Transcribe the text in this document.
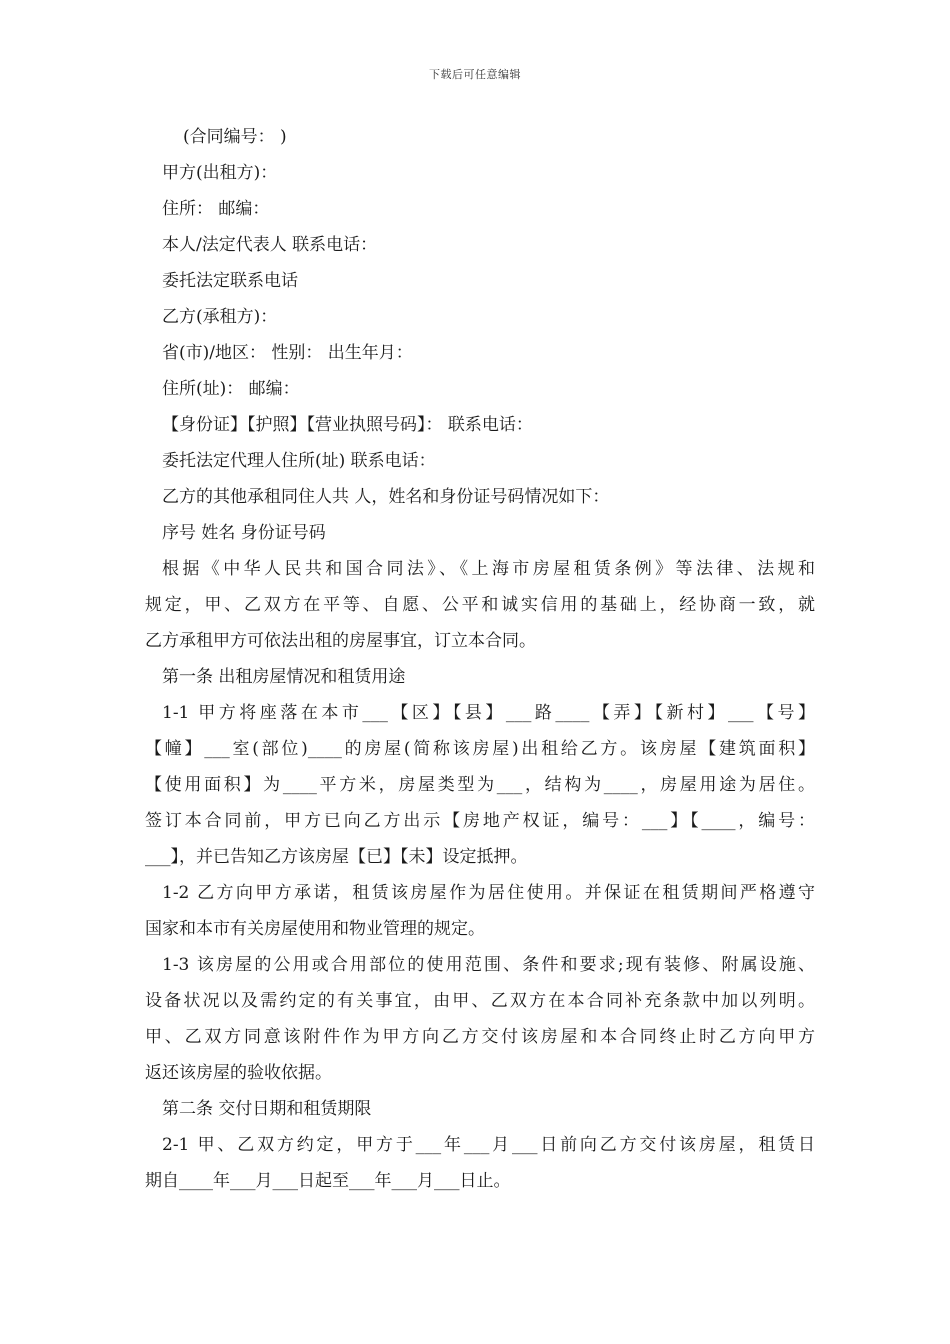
下载后可任意编辑
(合同编号： )
甲方(出租方)：
住所： 邮编：
本人/法定代表人 联系电话：
委托法定联系电话
乙方(承租方)：
省(市)/地区： 性别： 出生年月：
住所(址)： 邮编：
【身份证】【护照】【营业执照号码】： 联系电话：
委托法定代理人住所(址) 联系电话：
乙方的其他承租同住人共 人，姓名和身份证号码情况如下：
序号 姓名 身份证号码
根据《中华人民共和国合同法》、《上海市房屋租赁条例》等法律、法规和
规定，甲、乙双方在平等、自愿、公平和诚实信用的基础上，经协商一致，就
乙方承租甲方可依法出租的房屋事宜，订立本合同。
第一条 出租房屋情况和租赁用途
1-1 甲方将座落在本市___【区】【县】___路____【弄】【新村】___【号】
【幢】___室(部位)____的房屋(简称该房屋)出租给乙方。该房屋【建筑面积】
【使用面积】为____平方米，房屋类型为___，结构为____，房屋用途为居住。
签订本合同前，甲方已向乙方出示【房地产权证，编号：___】【____，编号：
___】，并已告知乙方该房屋【已】【未】设定抵押。
1-2 乙方向甲方承诺，租赁该房屋作为居住使用。并保证在租赁期间严格遵守
国家和本市有关房屋使用和物业管理的规定。
1-3 该房屋的公用或合用部位的使用范围、条件和要求;现有装修、附属设施、
设备状况以及需约定的有关事宜，由甲、乙双方在本合同补充条款中加以列明。
甲、乙双方同意该附件作为甲方向乙方交付该房屋和本合同终止时乙方向甲方
返还该房屋的验收依据。
第二条 交付日期和租赁期限
2-1 甲、乙双方约定，甲方于___年___月___日前向乙方交付该房屋，租赁日
期自____年___月___日起至___年___月___日止。
